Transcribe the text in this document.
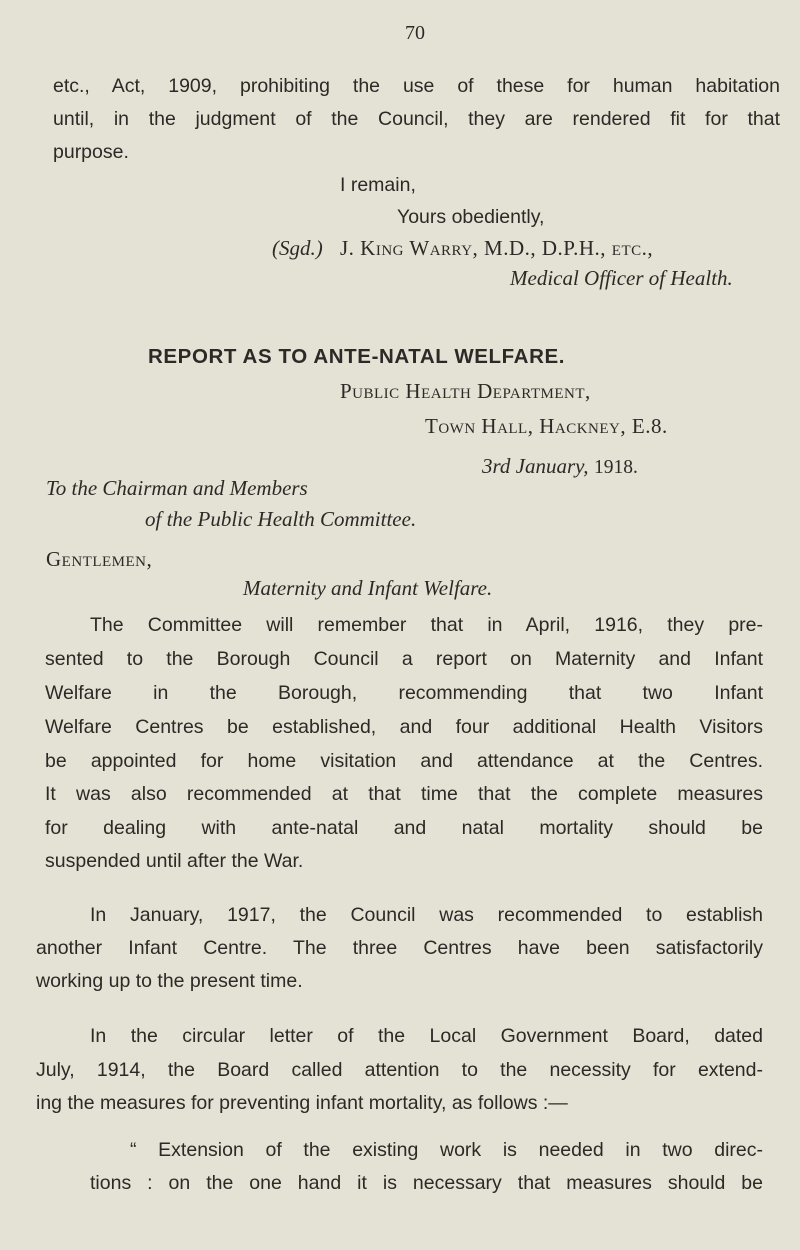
70
etc., Act, 1909, prohibiting the use of these for human habitation
until, in the judgment of the Council, they are rendered fit for that
purpose.
I remain,
Yours obediently,
(Sgd.) J. King Warry, M.D., D.P.H., etc.,
Medical Officer of Health.
REPORT AS TO ANTE-NATAL WELFARE.
Public Health Department,
Town Hall, Hackney, E.8.
3rd January, 1918.
To the Chairman and Members
of the Public Health Committee.
Gentlemen,
Maternity and Infant Welfare.
The Committee will remember that in April, 1916, they pre-
sented to the Borough Council a report on Maternity and Infant
Welfare in the Borough, recommending that two Infant
Welfare Centres be established, and four additional Health Visitors
be appointed for home visitation and attendance at the Centres.
It was also recommended at that time that the complete measures
for dealing with ante-natal and natal mortality should be
suspended until after the War.
In January, 1917, the Council was recommended to establish
another Infant Centre. The three Centres have been satisfactorily
working up to the present time.
In the circular letter of the Local Government Board, dated
July, 1914, the Board called attention to the necessity for extend-
ing the measures for preventing infant mortality, as follows :—
“ Extension of the existing work is needed in two direc-
tions : on the one hand it is necessary that measures should be
